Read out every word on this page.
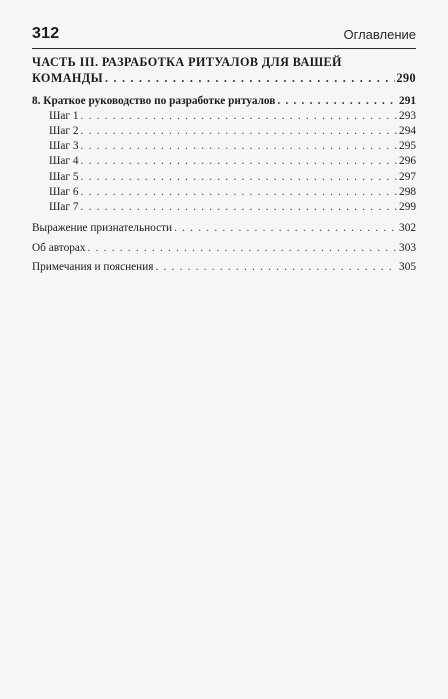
312	Оглавление
ЧАСТЬ III. РАЗРАБОТКА РИТУАЛОВ ДЛЯ ВАШЕЙ
КОМАНДЫ . . .	290
8. Краткое руководство по разработке ритуалов . . .	291
Шаг 1 . . .	293
Шаг 2 . . .	294
Шаг 3 . . .	295
Шаг 4 . . .	296
Шаг 5 . . .	297
Шаг 6 . . .	298
Шаг 7 . . .	299
Выражение признательности . . .	302
Об авторах . . .	303
Примечания и пояснения . . .	305
